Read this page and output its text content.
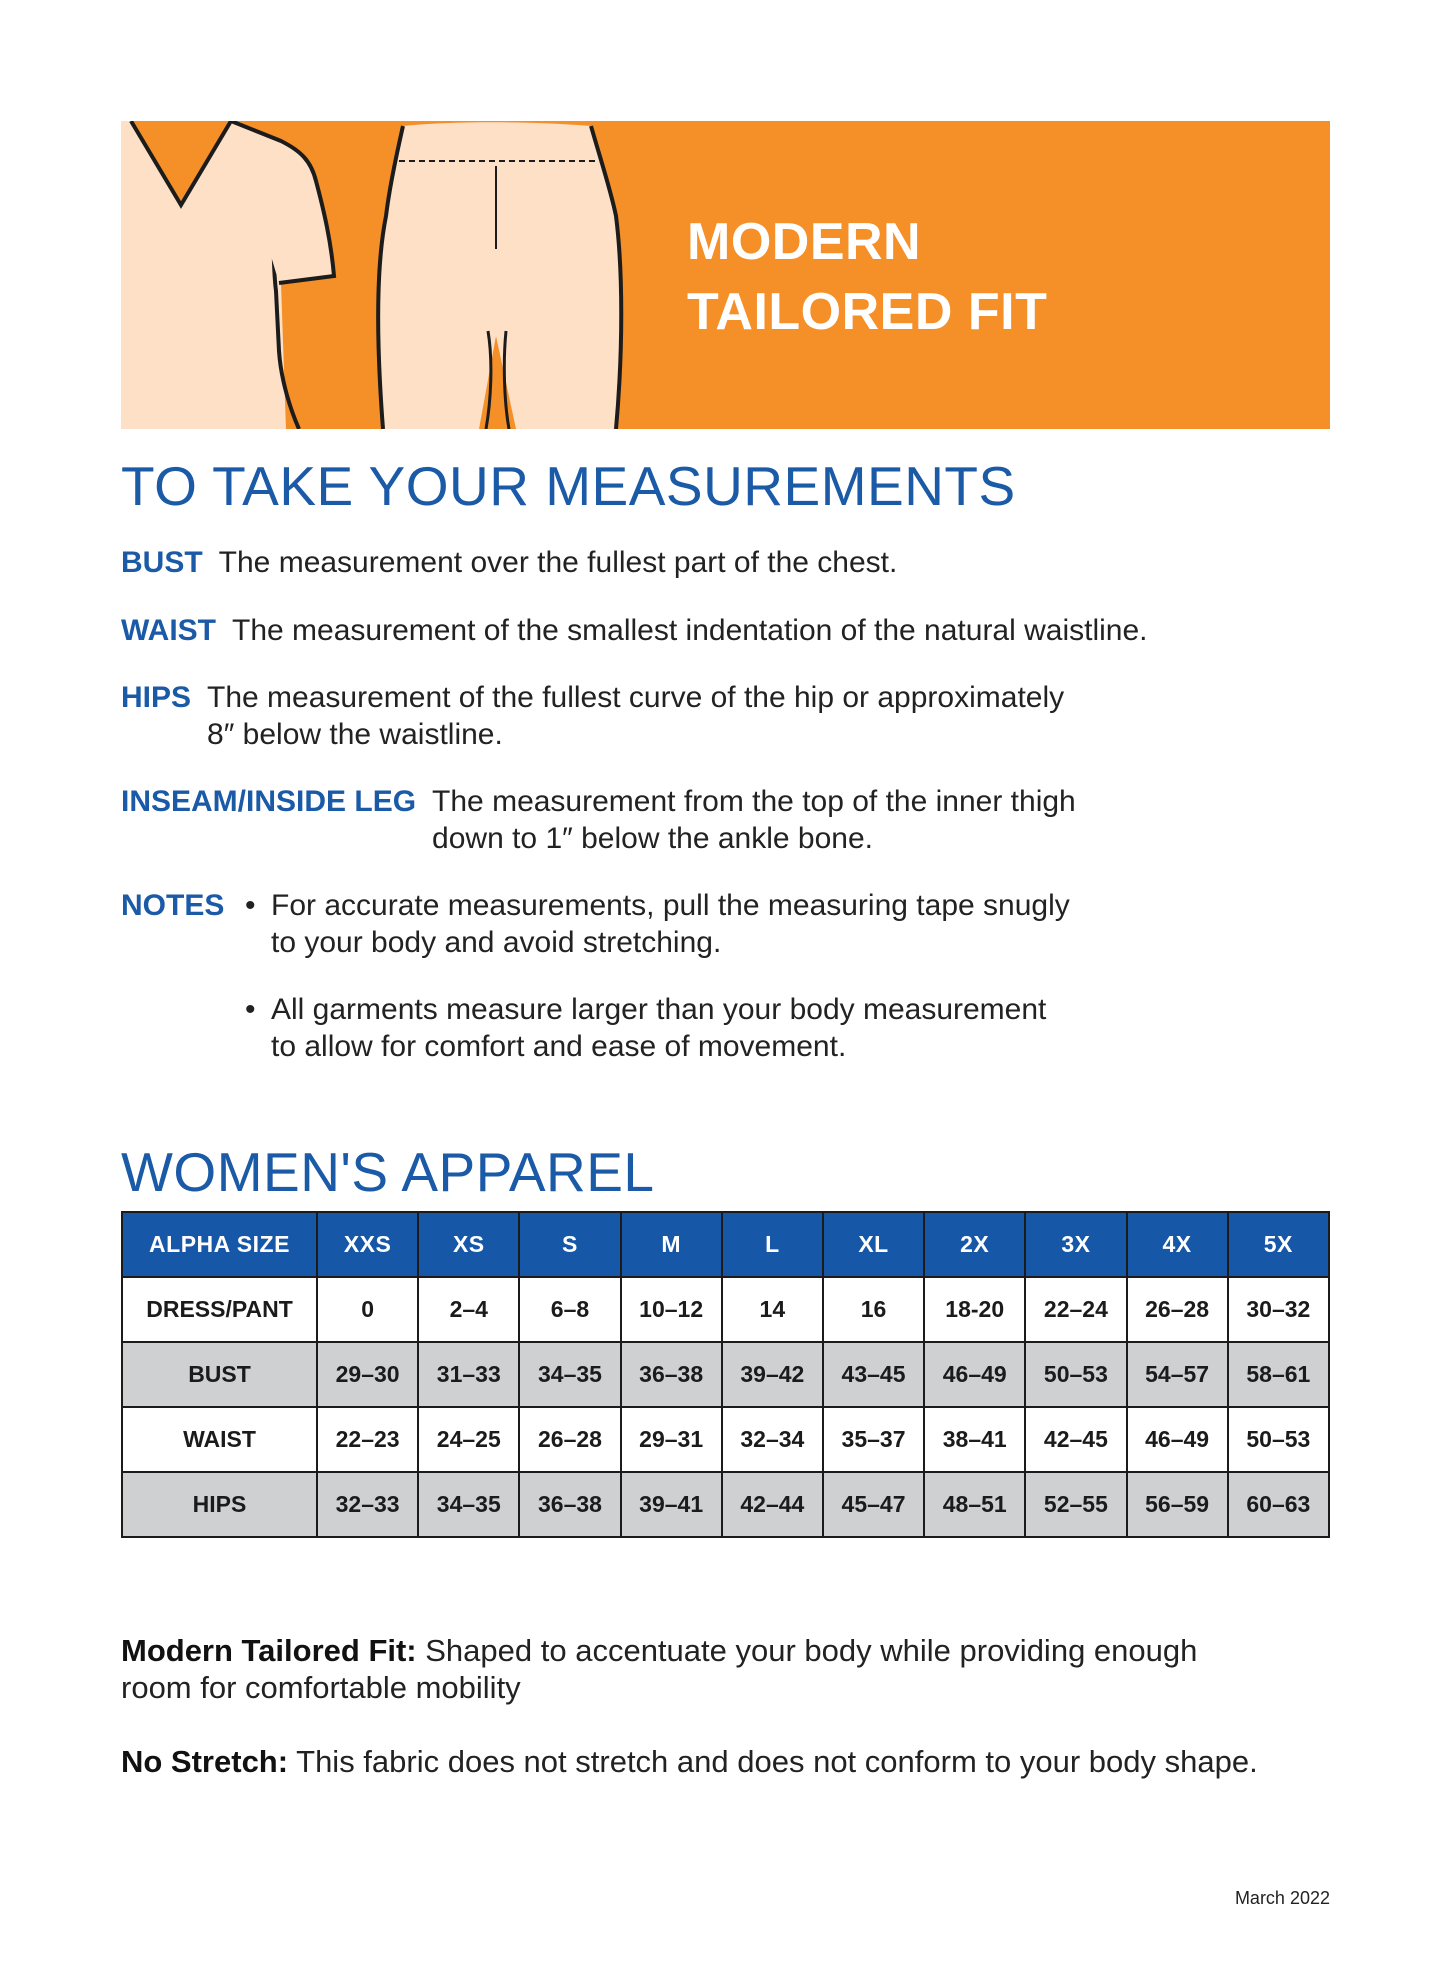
MODERN
TAILORED FIT
TO TAKE YOUR MEASUREMENTS
BUST The measurement over the fullest part of the chest.
WAIST The measurement of the smallest indentation of the natural waistline.
HIPS The measurement of the fullest curve of the hip or approximately
8″ below the waistline.
INSEAM/INSIDE LEG The measurement from the top of the inner thigh
down to 1″ below the ankle bone.
NOTES • For accurate measurements, pull the measuring tape snugly
to your body and avoid stretching.
• All garments measure larger than your body measurement
to allow for comfort and ease of movement.
WOMEN'S APPAREL
ALPHA SIZE	XXS	XS	S	M	L	XL	2X	3X	4X	5X
DRESS/PANT	0	2–4	6–8	10–12	14	16	18-20	22–24	26–28	30–32
BUST	29–30	31–33	34–35	36–38	39–42	43–45	46–49	50–53	54–57	58–61
WAIST	22–23	24–25	26–28	29–31	32–34	35–37	38–41	42–45	46–49	50–53
HIPS	32–33	34–35	36–38	39–41	42–44	45–47	48–51	52–55	56–59	60–63
Modern Tailored Fit: Shaped to accentuate your body while providing enough
room for comfortable mobility
No Stretch: This fabric does not stretch and does not conform to your body shape.
March 2022
